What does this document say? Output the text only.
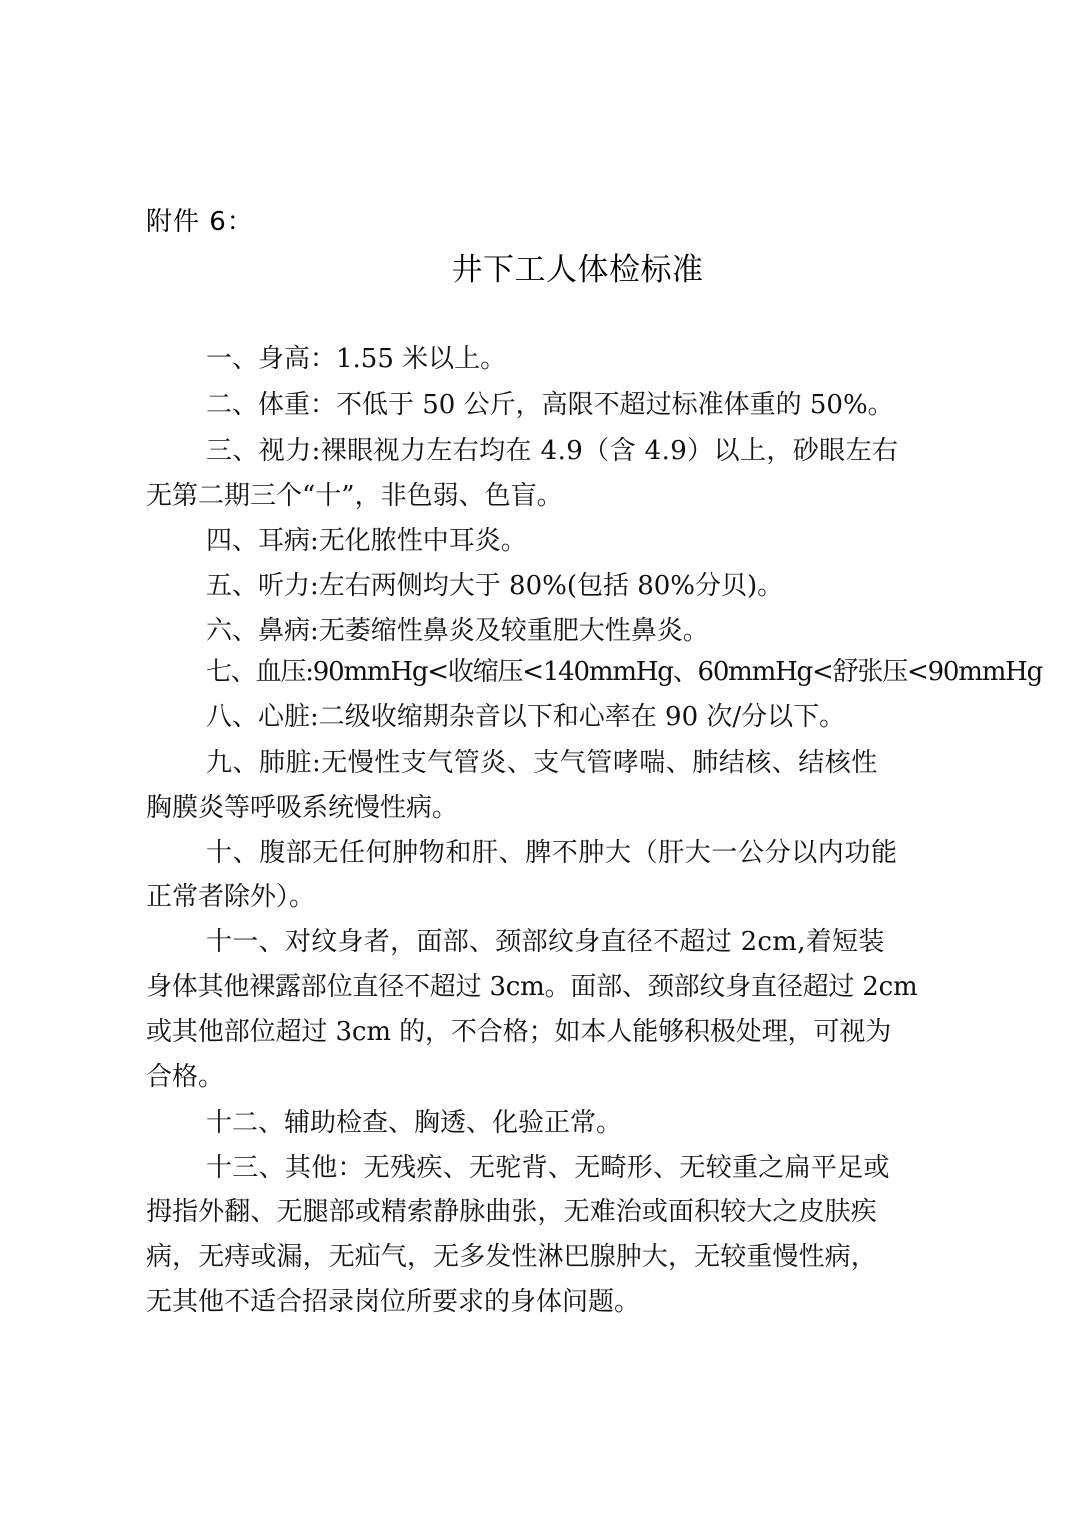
附件 6：
井下工人体检标准
一、身高：1.55 米以上。
二、体重：不低于 50 公斤，高限不超过标准体重的 50%。
三、视力:裸眼视力左右均在 4.9（含 4.9）以上，砂眼左右
无第二期三个“十”，非色弱、色盲。
四、耳病:无化脓性中耳炎。
五、听力:左右两侧均大于 80%(包括 80%分贝)。
六、鼻病:无萎缩性鼻炎及较重肥大性鼻炎。
七、血压:90mmHg<收缩压<140mmHg、60mmHg<舒张压<90mmHg
八、心脏:二级收缩期杂音以下和心率在 90 次/分以下。
九、肺脏:无慢性支气管炎、支气管哮喘、肺结核、结核性
胸膜炎等呼吸系统慢性病。
十、腹部无任何肿物和肝、脾不肿大（肝大一公分以内功能
正常者除外）。
十一、对纹身者，面部、颈部纹身直径不超过 2cm,着短装
身体其他裸露部位直径不超过 3cm。面部、颈部纹身直径超过 2cm
或其他部位超过 3cm 的，不合格；如本人能够积极处理，可视为
合格。
十二、辅助检查、胸透、化验正常。
十三、其他：无残疾、无驼背、无畸形、无较重之扁平足或
拇指外翻、无腿部或精索静脉曲张，无难治或面积较大之皮肤疾
病，无痔或漏，无疝气，无多发性淋巴腺肿大，无较重慢性病，
无其他不适合招录岗位所要求的身体问题。
